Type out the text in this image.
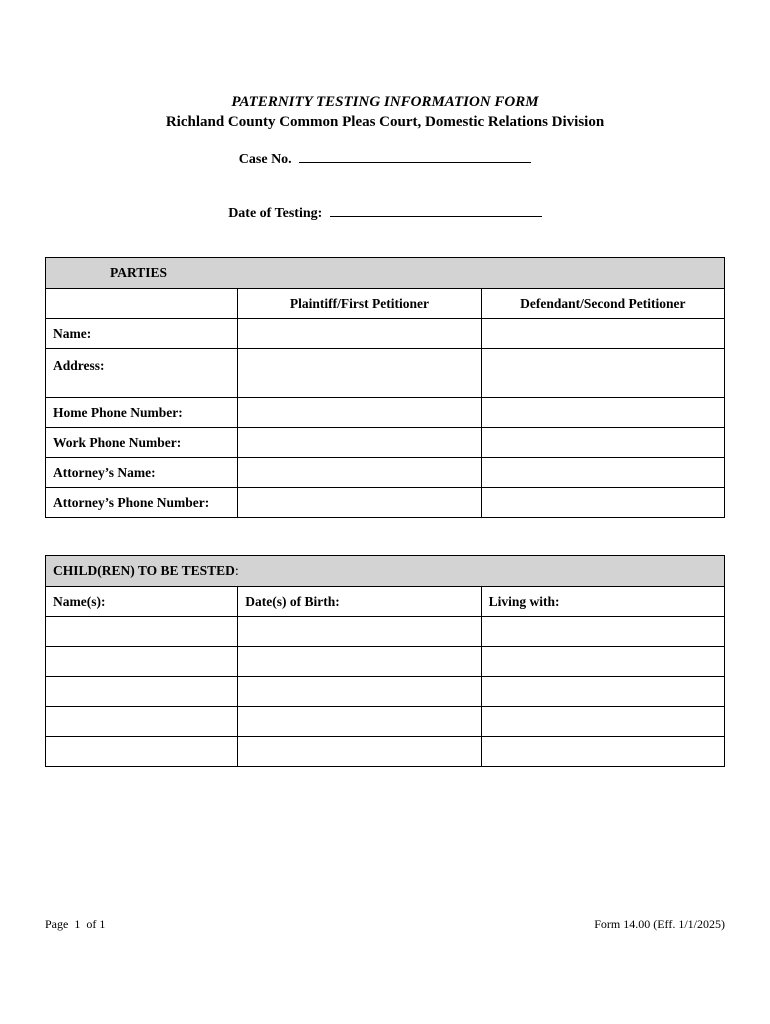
PATERNITY TESTING INFORMATION FORM
Richland County Common Pleas Court, Domestic Relations Division
Case No.
Date of Testing:
PARTIES		
	Plaintiff/First Petitioner	Defendant/Second Petitioner
Name:		
Address:		
Home Phone Number:		
Work Phone Number:		
Attorney’s Name:		
Attorney’s Phone Number:		
CHILD(REN) TO BE TESTED:		
Name(s):	Date(s) of Birth:	Living with:

Page  1  of 1	Form 14.00 (Eff. 1/1/2025)
